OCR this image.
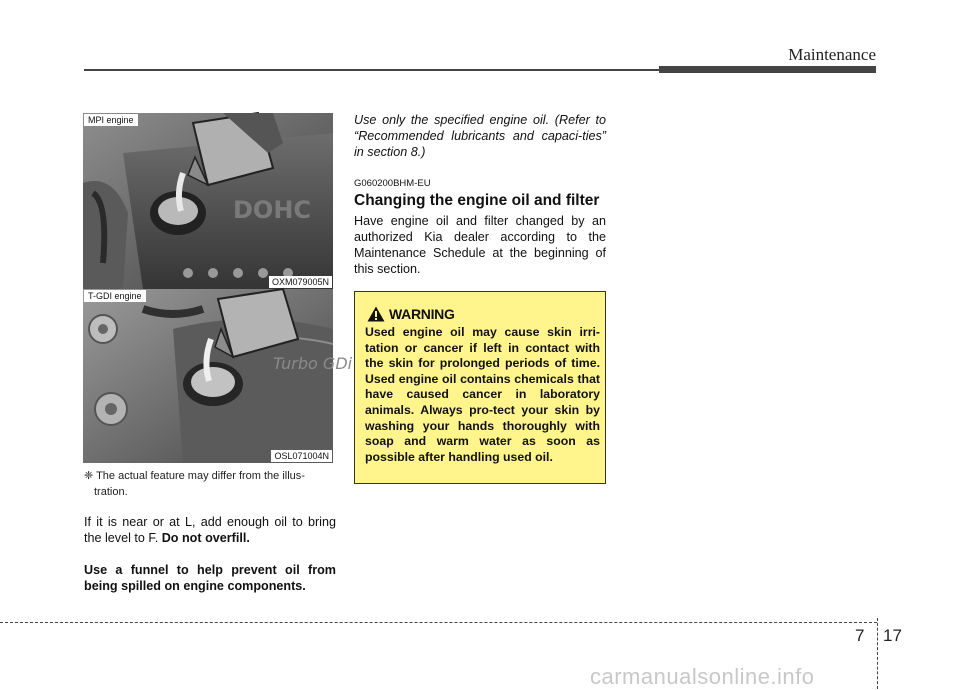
Maintenance
DOHC
MPI engine
OXM079005N
Turbo GDi
T-GDI engine
OSL071004N
❈ The actual feature may differ from the illus-tration.
If it is near or at L, add enough oil to bring the level to F. Do not overfill.
Use a funnel to help prevent oil from being spilled on engine components.
Use only the specified engine oil. (Refer to “Recommended lubricants and capaci-ties” in section 8.)
G060200BHM-EU
Changing the engine oil and filter
Have engine oil and filter changed by an authorized Kia dealer according to the Maintenance Schedule at the beginning of this section.
WARNING
Used engine oil may cause skin irri-tation or cancer if left in contact with the skin for prolonged periods of time. Used engine oil contains chemicals that have caused cancer in laboratory animals. Always pro-tect your skin by washing your hands thoroughly with soap and warm water as soon as possible after handling used oil.
7 17
carmanualsonline.info
